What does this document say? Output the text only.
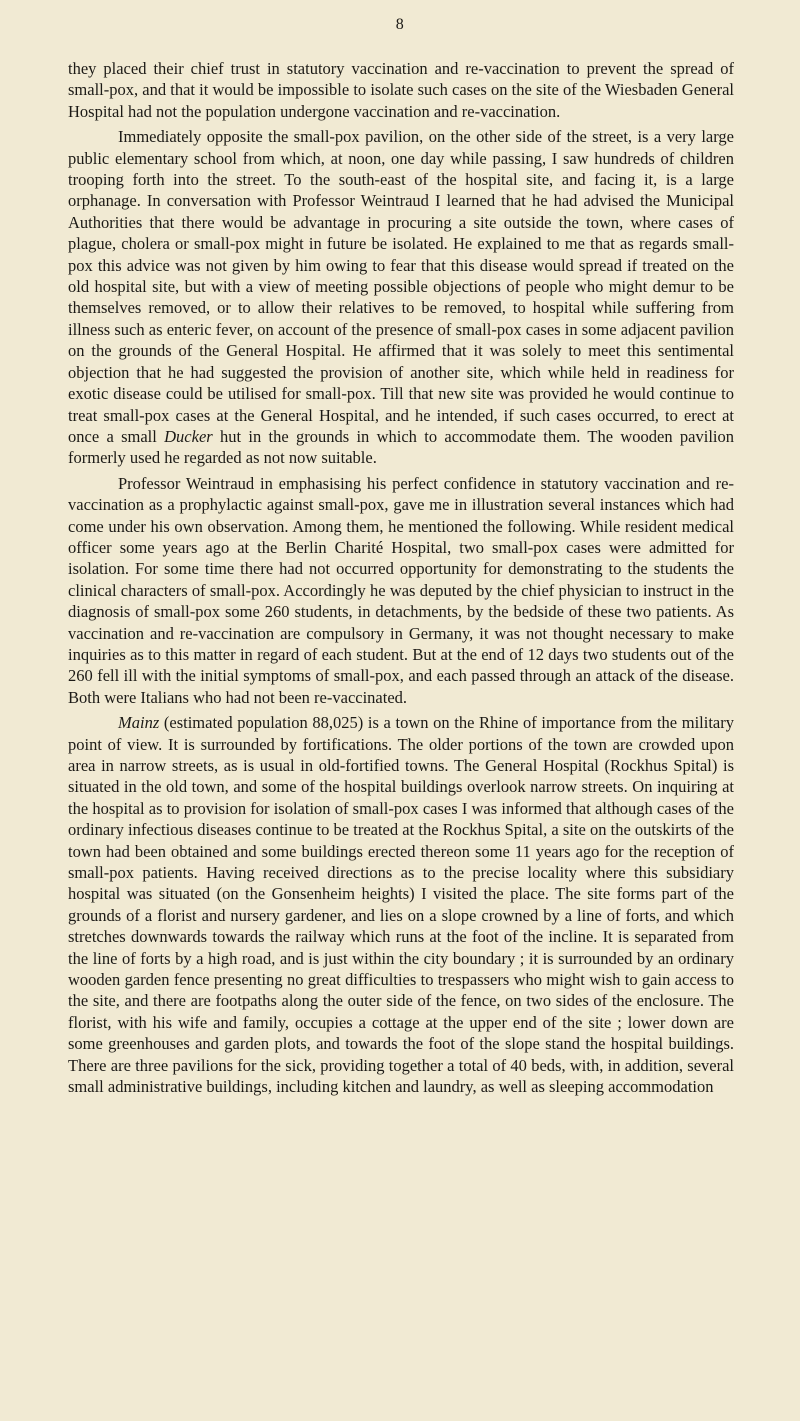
8

they placed their chief trust in statutory vaccination and re-vaccination to prevent the spread of small-pox, and that it would be impossible to isolate such cases on the site of the Wiesbaden General Hospital had not the population undergone vaccination and re-vaccination.

Immediately opposite the small-pox pavilion, on the other side of the street, is a very large public elementary school from which, at noon, one day while passing, I saw hundreds of children trooping forth into the street. To the south-east of the hospital site, and facing it, is a large orphanage. In conversation with Professor Weintraud I learned that he had advised the Municipal Authorities that there would be advantage in procuring a site outside the town, where cases of plague, cholera or small-pox might in future be isolated. He explained to me that as regards small-pox this advice was not given by him owing to fear that this disease would spread if treated on the old hospital site, but with a view of meeting possible objections of people who might demur to be themselves removed, or to allow their relatives to be removed, to hospital while suffering from illness such as enteric fever, on account of the presence of small-pox cases in some adjacent pavilion on the grounds of the General Hospital. He affirmed that it was solely to meet this sentimental objection that he had suggested the provision of another site, which while held in readiness for exotic disease could be utilised for small-pox. Till that new site was provided he would continue to treat small-pox cases at the General Hospital, and he intended, if such cases occurred, to erect at once a small Ducker hut in the grounds in which to accommodate them. The wooden pavilion formerly used he regarded as not now suitable.

Professor Weintraud in emphasising his perfect confidence in statutory vaccination and re-vaccination as a prophylactic against small-pox, gave me in illustration several instances which had come under his own observation. Among them, he mentioned the following. While resident medical officer some years ago at the Berlin Charité Hospital, two small-pox cases were admitted for isolation. For some time there had not occurred opportunity for demonstrating to the students the clinical characters of small-pox. Accordingly he was deputed by the chief physician to instruct in the diagnosis of small-pox some 260 students, in detachments, by the bedside of these two patients. As vaccination and re-vaccination are compulsory in Germany, it was not thought necessary to make inquiries as to this matter in regard of each student. But at the end of 12 days two students out of the 260 fell ill with the initial symptoms of small-pox, and each passed through an attack of the disease. Both were Italians who had not been re-vaccinated.

Mainz (estimated population 88,025) is a town on the Rhine of importance from the military point of view. It is surrounded by fortifications. The older portions of the town are crowded upon area in narrow streets, as is usual in old-fortified towns. The General Hospital (Rockhus Spital) is situated in the old town, and some of the hospital buildings overlook narrow streets. On inquiring at the hospital as to provision for isolation of small-pox cases I was informed that although cases of the ordinary infectious diseases continue to be treated at the Rockhus Spital, a site on the outskirts of the town had been obtained and some buildings erected thereon some 11 years ago for the reception of small-pox patients. Having received directions as to the precise locality where this subsidiary hospital was situated (on the Gonsenheim heights) I visited the place. The site forms part of the grounds of a florist and nursery gardener, and lies on a slope crowned by a line of forts, and which stretches downwards towards the railway which runs at the foot of the incline. It is separated from the line of forts by a high road, and is just within the city boundary ; it is surrounded by an ordinary wooden garden fence presenting no great difficulties to trespassers who might wish to gain access to the site, and there are footpaths along the outer side of the fence, on two sides of the enclosure. The florist, with his wife and family, occupies a cottage at the upper end of the site ; lower down are some greenhouses and garden plots, and towards the foot of the slope stand the hospital buildings. There are three pavilions for the sick, providing together a total of 40 beds, with, in addition, several small administrative buildings, including kitchen and laundry, as well as sleeping accommodation
